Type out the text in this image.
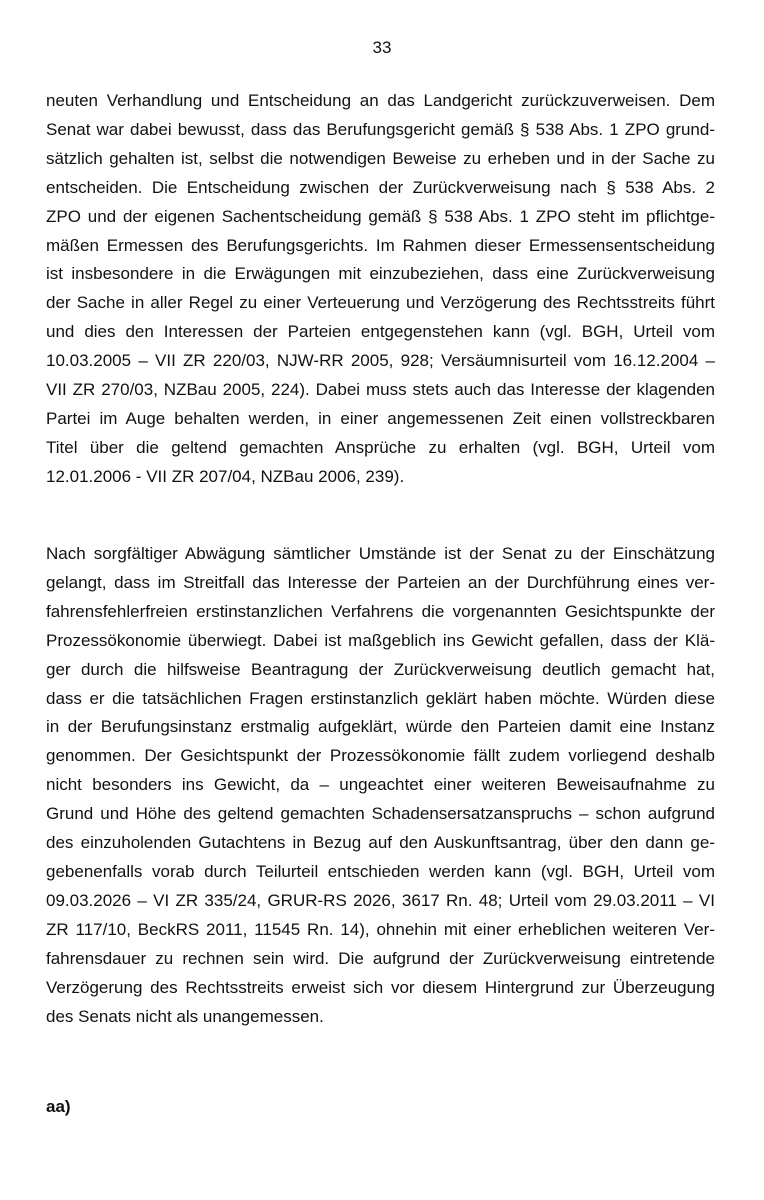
33
neuten Verhandlung und Entscheidung an das Landgericht zurückzuverweisen. Dem
Senat war dabei bewusst, dass das Berufungsgericht gemäß § 538 Abs. 1 ZPO grund-
sätzlich gehalten ist, selbst die notwendigen Beweise zu erheben und in der Sache zu
entscheiden. Die Entscheidung zwischen der Zurückverweisung nach § 538 Abs. 2
ZPO und der eigenen Sachentscheidung gemäß § 538 Abs. 1 ZPO steht im pflichtge-
mäßen Ermessen des Berufungsgerichts. Im Rahmen dieser Ermessensentscheidung
ist insbesondere in die Erwägungen mit einzubeziehen, dass eine Zurückverweisung
der Sache in aller Regel zu einer Verteuerung und Verzögerung des Rechtsstreits führt
und dies den Interessen der Parteien entgegenstehen kann (vgl. BGH, Urteil vom
10.03.2005 – VII ZR 220/03, NJW-RR 2005, 928; Versäumnisurteil vom 16.12.2004 –
VII ZR 270/03, NZBau 2005, 224). Dabei muss stets auch das Interesse der klagenden
Partei im Auge behalten werden, in einer angemessenen Zeit einen vollstreckbaren
Titel über die geltend gemachten Ansprüche zu erhalten (vgl. BGH, Urteil vom
12.01.2006 - VII ZR 207/04, NZBau 2006, 239).
Nach sorgfältiger Abwägung sämtlicher Umstände ist der Senat zu der Einschätzung
gelangt, dass im Streitfall das Interesse der Parteien an der Durchführung eines ver-
fahrensfehlerfreien erstinstanzlichen Verfahrens die vorgenannten Gesichtspunkte der
Prozessökonomie überwiegt. Dabei ist maßgeblich ins Gewicht gefallen, dass der Klä-
ger durch die hilfsweise Beantragung der Zurückverweisung deutlich gemacht hat,
dass er die tatsächlichen Fragen erstinstanzlich geklärt haben möchte. Würden diese
in der Berufungsinstanz erstmalig aufgeklärt, würde den Parteien damit eine Instanz
genommen. Der Gesichtspunkt der Prozessökonomie fällt zudem vorliegend deshalb
nicht besonders ins Gewicht, da – ungeachtet einer weiteren Beweisaufnahme zu
Grund und Höhe des geltend gemachten Schadensersatzanspruchs – schon aufgrund
des einzuholenden Gutachtens in Bezug auf den Auskunftsantrag, über den dann ge-
gebenenfalls vorab durch Teilurteil entschieden werden kann (vgl. BGH, Urteil vom
09.03.2026 – VI ZR 335/24, GRUR-RS 2026, 3617 Rn. 48; Urteil vom 29.03.2011 – VI
ZR 117/10, BeckRS 2011, 11545 Rn. 14), ohnehin mit einer erheblichen weiteren Ver-
fahrensdauer zu rechnen sein wird. Die aufgrund der Zurückverweisung eintretende
Verzögerung des Rechtsstreits erweist sich vor diesem Hintergrund zur Überzeugung
des Senats nicht als unangemessen.
aa)
